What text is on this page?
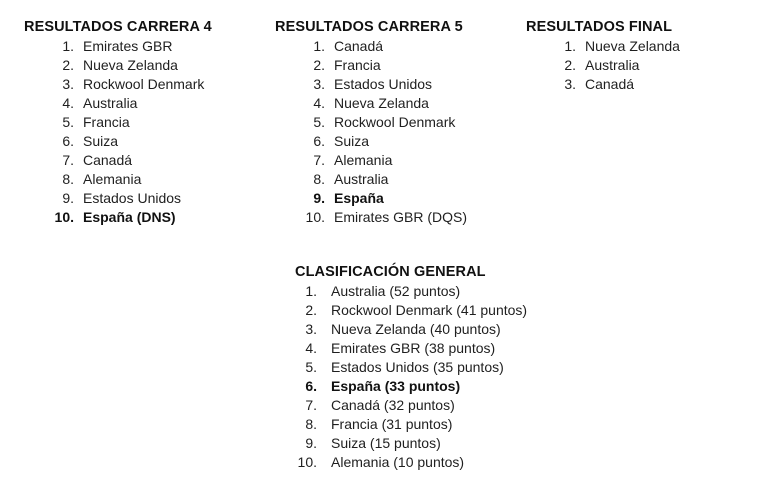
RESULTADOS CARRERA 4
1. Emirates GBR
2. Nueva Zelanda
3. Rockwool Denmark
4. Australia
5. Francia
6. Suiza
7. Canadá
8. Alemania
9. Estados Unidos
10. España (DNS)
RESULTADOS CARRERA 5
1. Canadá
2. Francia
3. Estados Unidos
4. Nueva Zelanda
5. Rockwool Denmark
6. Suiza
7. Alemania
8. Australia
9. España
10. Emirates GBR (DQS)
RESULTADOS FINAL
1. Nueva Zelanda
2. Australia
3. Canadá
CLASIFICACIÓN GENERAL
1. Australia (52 puntos)
2. Rockwool Denmark (41 puntos)
3. Nueva Zelanda (40 puntos)
4. Emirates GBR (38 puntos)
5. Estados Unidos (35 puntos)
6. España (33 puntos)
7. Canadá (32 puntos)
8. Francia (31 puntos)
9. Suiza (15 puntos)
10. Alemania (10 puntos)
